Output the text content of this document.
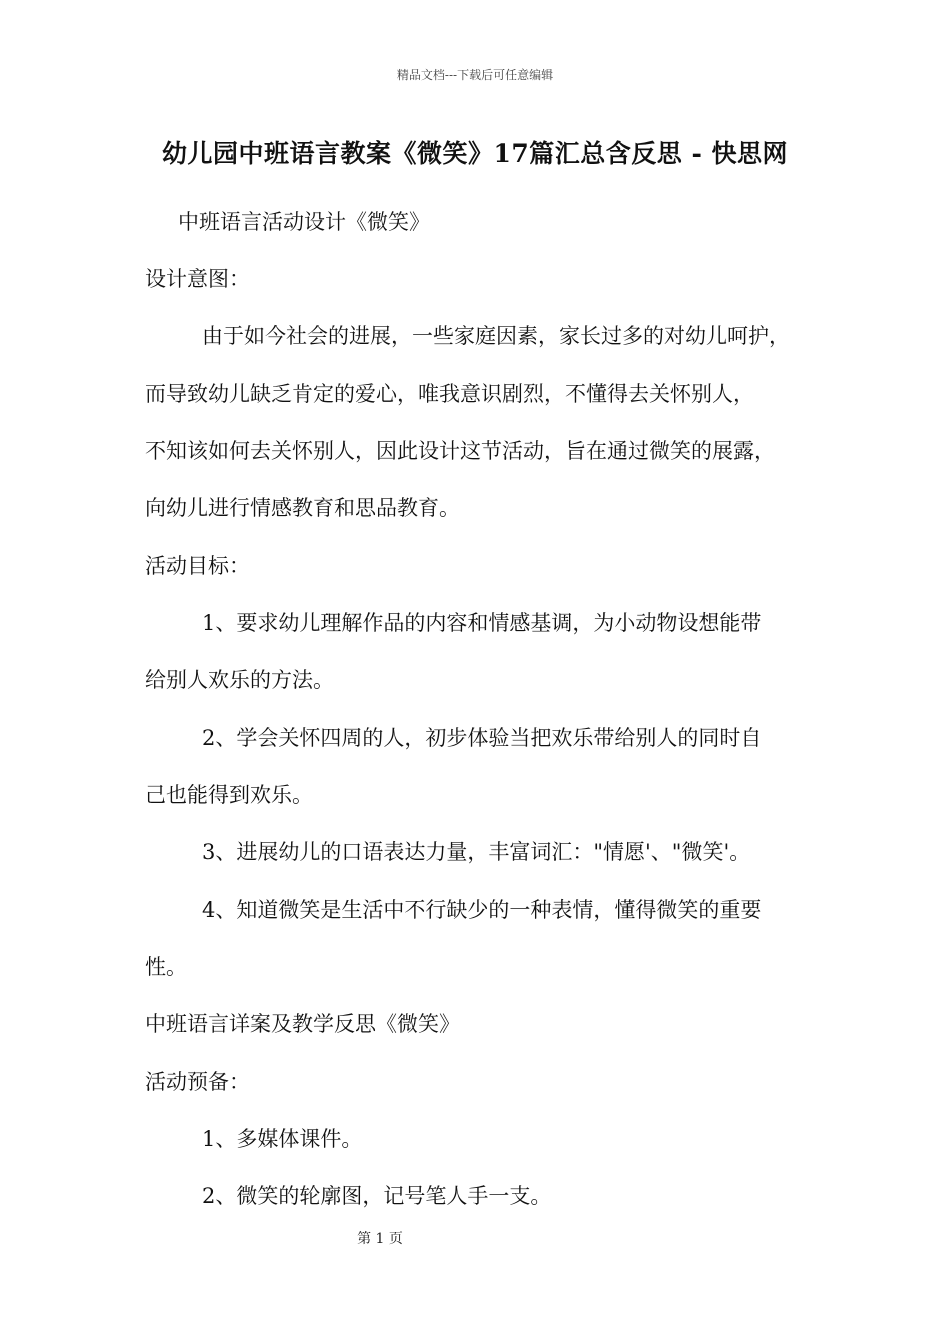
精品文档---下载后可任意编辑
幼儿园中班语言教案《微笑》17篇汇总含反思 - 快思网
中班语言活动设计《微笑》
设计意图：
由于如今社会的进展，一些家庭因素，家长过多的对幼儿呵护，
而导致幼儿缺乏肯定的爱心，唯我意识剧烈，不懂得去关怀别人，
不知该如何去关怀别人，因此设计这节活动，旨在通过微笑的展露，
向幼儿进行情感教育和思品教育。
活动目标：
1、要求幼儿理解作品的内容和情感基调，为小动物设想能带
给别人欢乐的方法。
2、学会关怀四周的人，初步体验当把欢乐带给别人的同时自
己也能得到欢乐。
3、进展幼儿的口语表达力量，丰富词汇："情愿'、"微笑'。
4、知道微笑是生活中不行缺少的一种表情，懂得微笑的重要
性。
中班语言详案及教学反思《微笑》
活动预备：
1、多媒体课件。
2、微笑的轮廓图，记号笔人手一支。
第 1 页
